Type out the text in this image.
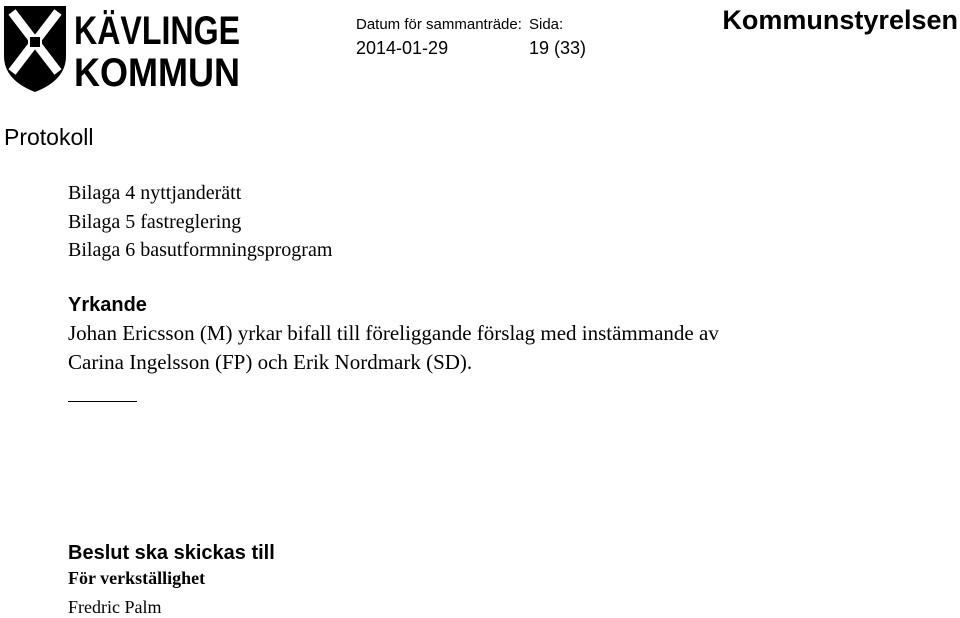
KÄVLINGE
KOMMUN
Datum för sammanträde: Sida:
2014-01-29	19 (33)
Kommunstyrelsen
Protokoll
Bilaga 4 nyttjanderätt
Bilaga 5 fastreglering
Bilaga 6 basutformningsprogram
Yrkande
Johan Ericsson (M) yrkar bifall till föreliggande förslag med instämmande av
Carina Ingelsson (FP) och Erik Nordmark (SD).
Beslut ska skickas till
För verkställighet
Fredric Palm
